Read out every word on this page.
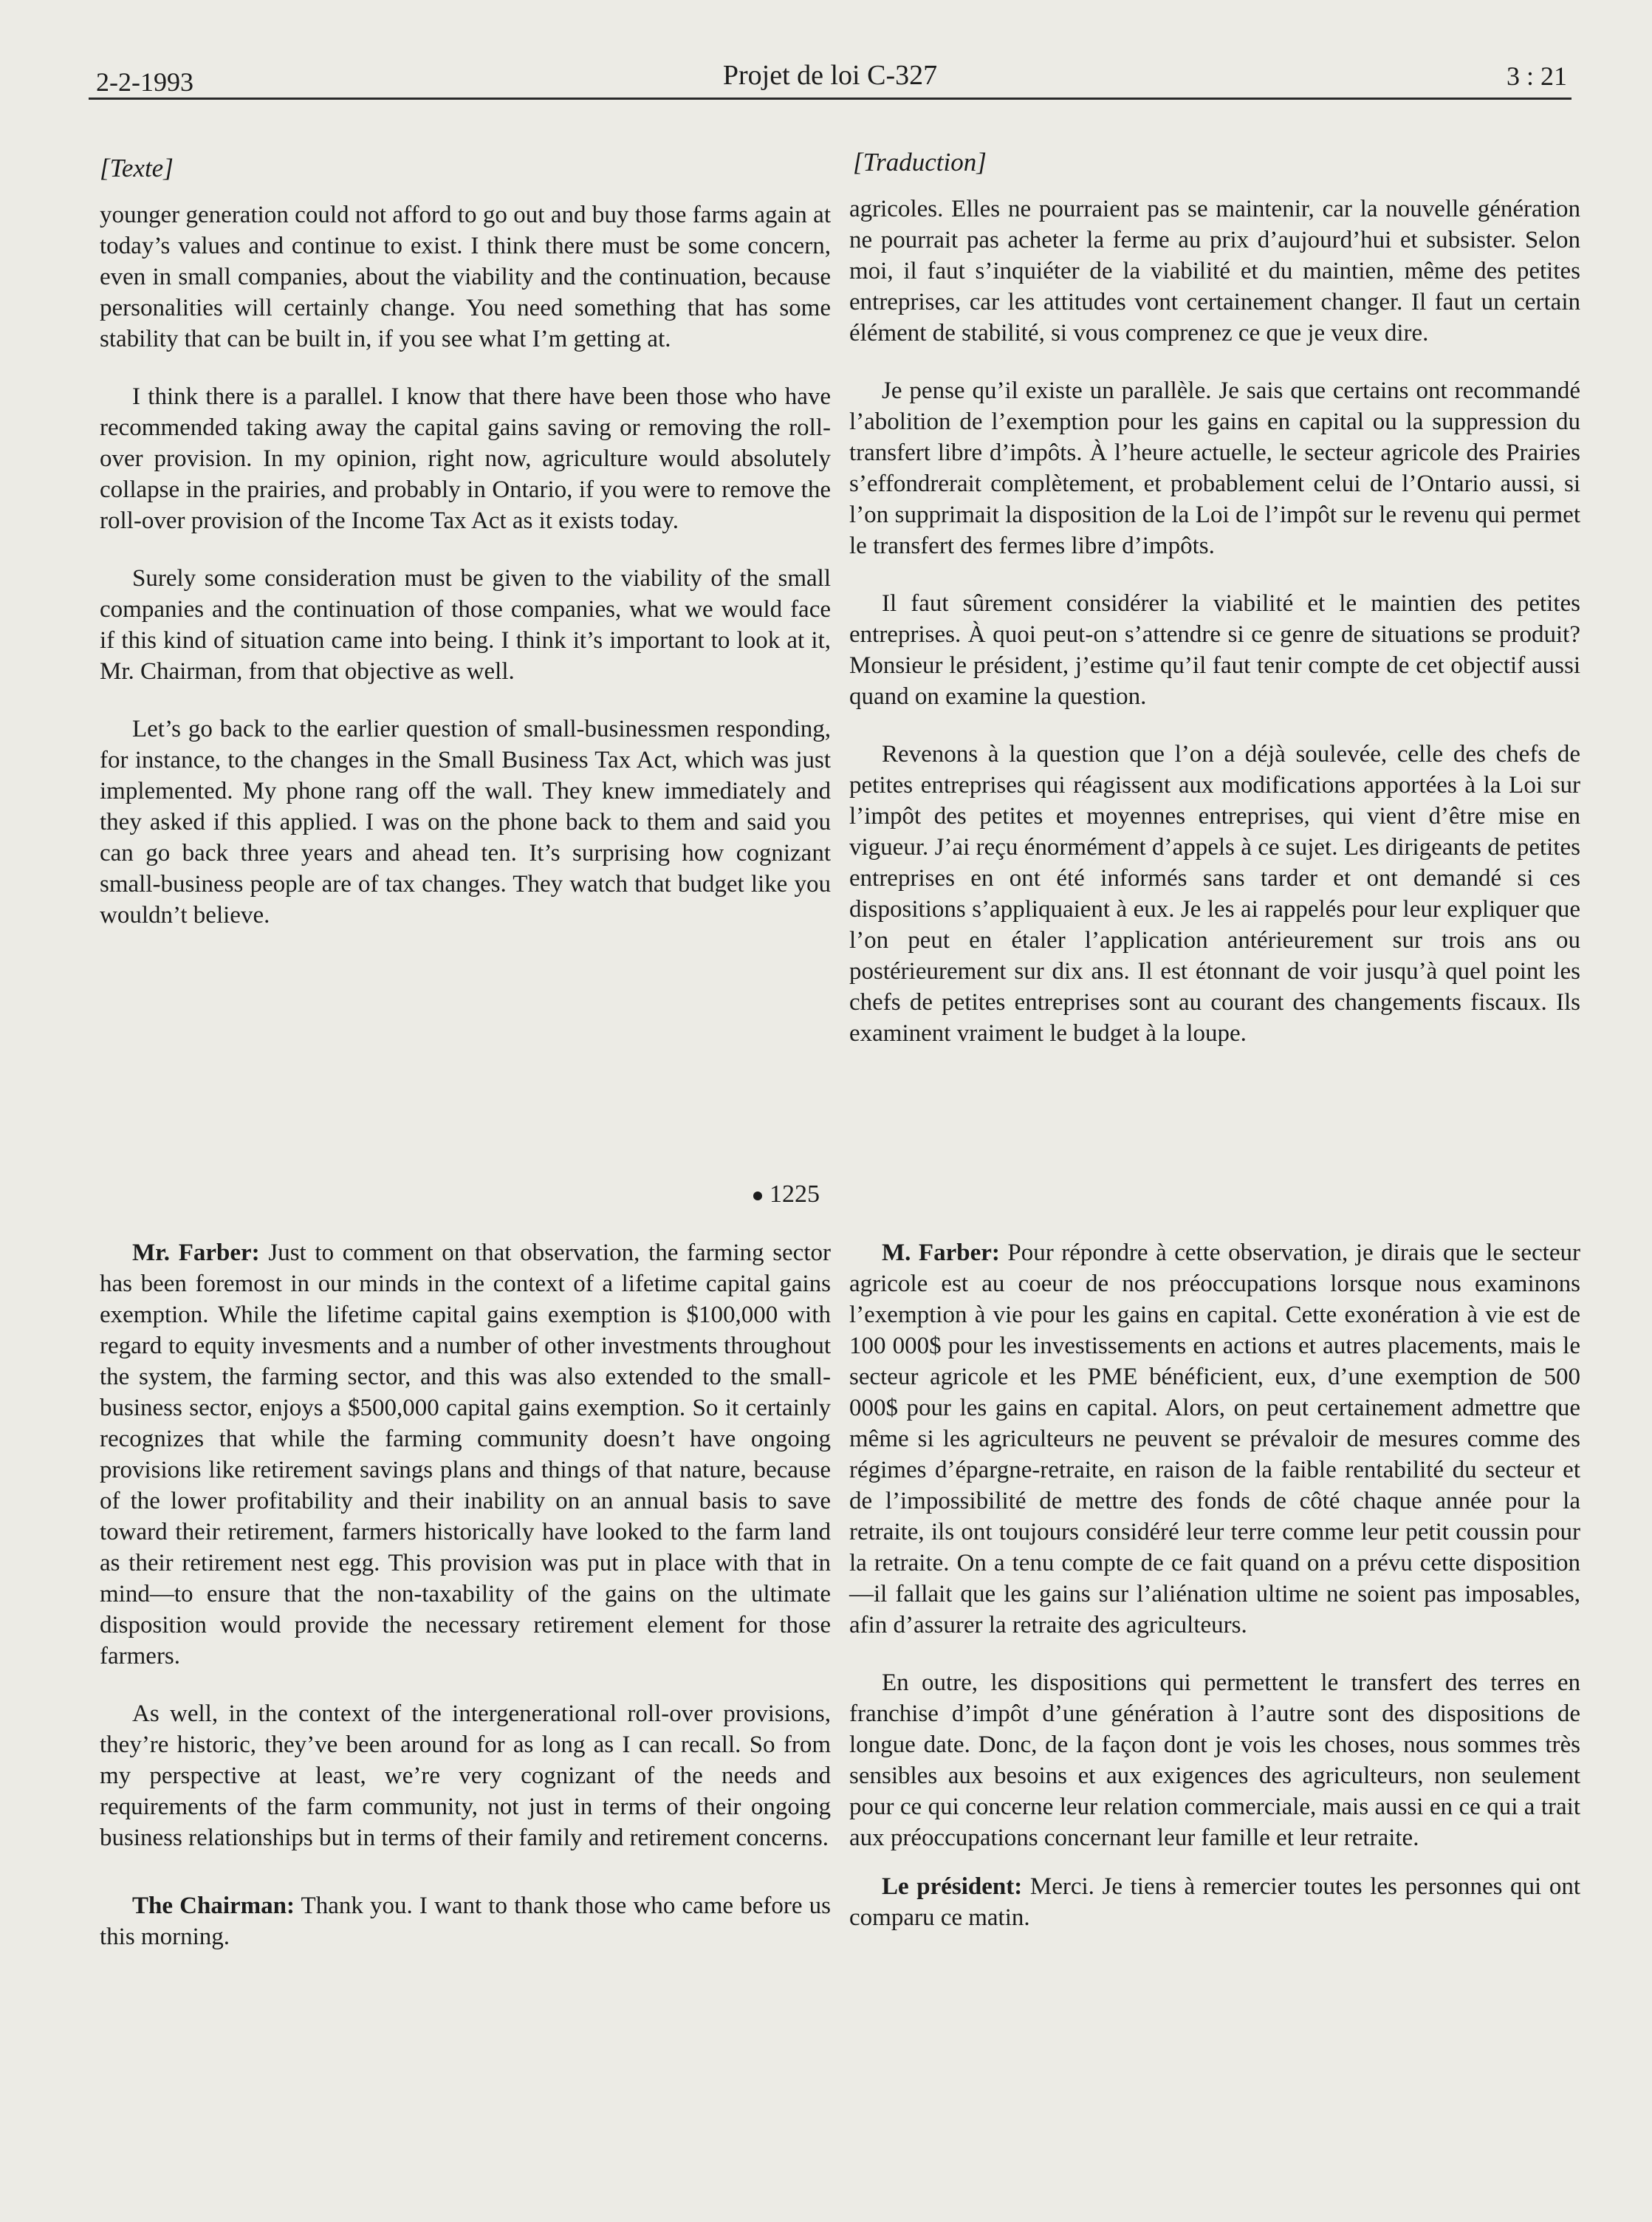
2-2-1993	Projet de loi C-327	3 : 21
[Texte]	[Traduction]

younger generation could not afford to go out and buy those farms again at today’s values and continue to exist. I think there must be some concern, even in small companies, about the viability and the continuation, because personalities will certainly change. You need something that has some stability that can be built in, if you see what I’m getting at.

I think there is a parallel. I know that there have been those who have recommended taking away the capital gains saving or removing the roll-over provision. In my opinion, right now, agriculture would absolutely collapse in the prairies, and probably in Ontario, if you were to remove the roll-over provision of the Income Tax Act as it exists today.

Surely some consideration must be given to the viability of the small companies and the continuation of those companies, what we would face if this kind of situation came into being. I think it’s important to look at it, Mr. Chairman, from that objective as well.

Let’s go back to the earlier question of small-businessmen responding, for instance, to the changes in the Small Business Tax Act, which was just implemented. My phone rang off the wall. They knew immediately and they asked if this applied. I was on the phone back to them and said you can go back three years and ahead ten. It’s surprising how cognizant small-business people are of tax changes. They watch that budget like you wouldn’t believe.

agricoles. Elles ne pourraient pas se maintenir, car la nouvelle génération ne pourrait pas acheter la ferme au prix d’aujourd’hui et subsister. Selon moi, il faut s’inquiéter de la viabilité et du maintien, même des petites entreprises, car les attitudes vont certainement changer. Il faut un certain élément de stabilité, si vous comprenez ce que je veux dire.

Je pense qu’il existe un parallèle. Je sais que certains ont recommandé l’abolition de l’exemption pour les gains en capital ou la suppression du transfert libre d’impôts. À l’heure actuelle, le secteur agricole des Prairies s’effondrerait complètement, et probablement celui de l’Ontario aussi, si l’on supprimait la disposition de la Loi de l’impôt sur le revenu qui permet le transfert des fermes libre d’impôts.

Il faut sûrement considérer la viabilité et le maintien des petites entreprises. À quoi peut-on s’attendre si ce genre de situations se produit? Monsieur le président, j’estime qu’il faut tenir compte de cet objectif aussi quand on examine la question.

Revenons à la question que l’on a déjà soulevée, celle des chefs de petites entreprises qui réagissent aux modifications apportées à la Loi sur l’impôt des petites et moyennes entreprises, qui vient d’être mise en vigueur. J’ai reçu énormément d’appels à ce sujet. Les dirigeants de petites entreprises en ont été informés sans tarder et ont demandé si ces dispositions s’appliquaient à eux. Je les ai rappelés pour leur expliquer que l’on peut en étaler l’application antérieurement sur trois ans ou postérieurement sur dix ans. Il est étonnant de voir jusqu’à quel point les chefs de petites entreprises sont au courant des changements fiscaux. Ils examinent vraiment le budget à la loupe.

1225

Mr. Farber: Just to comment on that observation, the farming sector has been foremost in our minds in the context of a lifetime capital gains exemption. While the lifetime capital gains exemption is $100,000 with regard to equity invesments and a number of other investments throughout the system, the farming sector, and this was also extended to the small-business sector, enjoys a $500,000 capital gains exemption. So it certainly recognizes that while the farming community doesn’t have ongoing provisions like retirement savings plans and things of that nature, because of the lower profitability and their inability on an annual basis to save toward their retirement, farmers historically have looked to the farm land as their retirement nest egg. This provision was put in place with that in mind—to ensure that the non-taxability of the gains on the ultimate disposition would provide the necessary retirement element for those farmers.

As well, in the context of the intergenerational roll-over provisions, they’re historic, they’ve been around for as long as I can recall. So from my perspective at least, we’re very cognizant of the needs and requirements of the farm community, not just in terms of their ongoing business relationships but in terms of their family and retirement concerns.

The Chairman: Thank you. I want to thank those who came before us this morning.

M. Farber: Pour répondre à cette observation, je dirais que le secteur agricole est au coeur de nos préoccupations lorsque nous examinons l’exemption à vie pour les gains en capital. Cette exonération à vie est de 100 000$ pour les investissements en actions et autres placements, mais le secteur agricole et les PME bénéficient, eux, d’une exemption de 500 000$ pour les gains en capital. Alors, on peut certainement admettre que même si les agriculteurs ne peuvent se prévaloir de mesures comme des régimes d’épargne-retraite, en raison de la faible rentabilité du secteur et de l’impossibilité de mettre des fonds de côté chaque année pour la retraite, ils ont toujours considéré leur terre comme leur petit coussin pour la retraite. On a tenu compte de ce fait quand on a prévu cette disposition—il fallait que les gains sur l’aliénation ultime ne soient pas imposables, afin d’assurer la retraite des agriculteurs.

En outre, les dispositions qui permettent le transfert des terres en franchise d’impôt d’une génération à l’autre sont des dispositions de longue date. Donc, de la façon dont je vois les choses, nous sommes très sensibles aux besoins et aux exigences des agriculteurs, non seulement pour ce qui concerne leur relation commerciale, mais aussi en ce qui a trait aux préoccupations concernant leur famille et leur retraite.

Le président: Merci. Je tiens à remercier toutes les personnes qui ont comparu ce matin.
